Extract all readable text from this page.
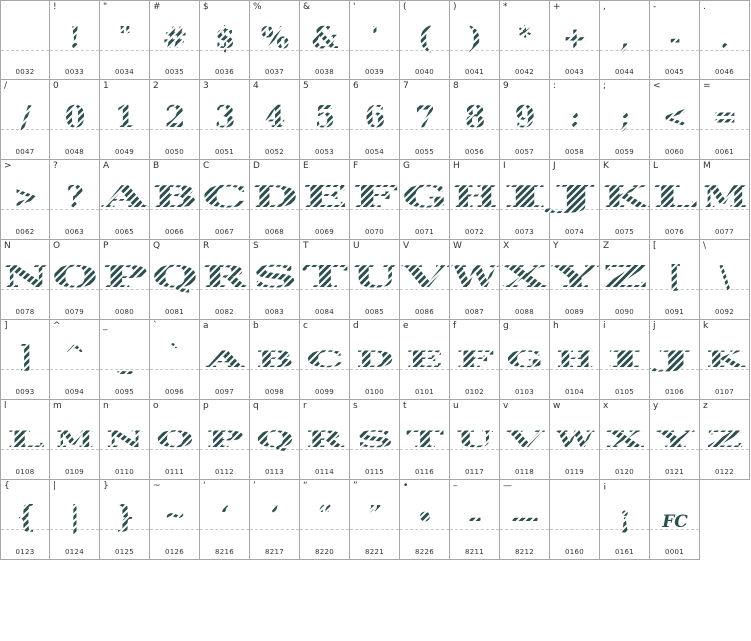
0032
!
!
0033
"
"
0034
#
#
0035
$
$
0036
%
%
0037
&
&
0038
'
'
0039
(
(
0040
)
)
0041
*
*
0042
+
+
0043
,
,
0044
-
-
0045
.
.
0046
/
/
0047
0
0
0048
1
1
0049
2
2
0050
3
3
0051
4
4
0052
5
5
0053
6
6
0054
7
7
0055
8
8
0056
9
9
0057
:
:
0058
;
;
0059
<
<
0060
=
=
0061
>
>
0062
?
?
0063
A
A
0065
B
B
0066
C
C
0067
D
D
0068
E
E
0069
F
F
0070
G
G
0071
H
H
0072
I
I
0073
J
J
0074
K
K
0075
L
L
0076
M
M
0077
N
N
0078
O
O
0079
P
P
0080
Q
Q
0081
R
R
0082
S
S
0083
T
T
0084
U
U
0085
V
V
0086
W
W
0087
X
X
0088
Y
Y
0089
Z
Z
0090
[
[
0091
\
\
0092
]
]
0093
^
^
0094
_
_
0095
`
`
0096
a
A
0097
b
B
0098
c
C
0099
d
D
0100
e
E
0101
f
F
0102
g
G
0103
h
H
0104
i
I
0105
j
J
0106
k
K
0107
l
L
0108
m
M
0109
n
N
0110
o
O
0111
p
P
0112
q
Q
0113
r
R
0114
s
S
0115
t
T
0116
u
U
0117
v
V
0118
w
W
0119
x
X
0120
y
Y
0121
z
Z
0122
{
{
0123
|
|
0124
}
}
0125
~
~
0126
‘
‘
8216
’
’
8217
“
“
8220
”
”
8221
•
•
8226
–
–
8211
—
—
8212	0160
¡
¡
0161
FC
0001
